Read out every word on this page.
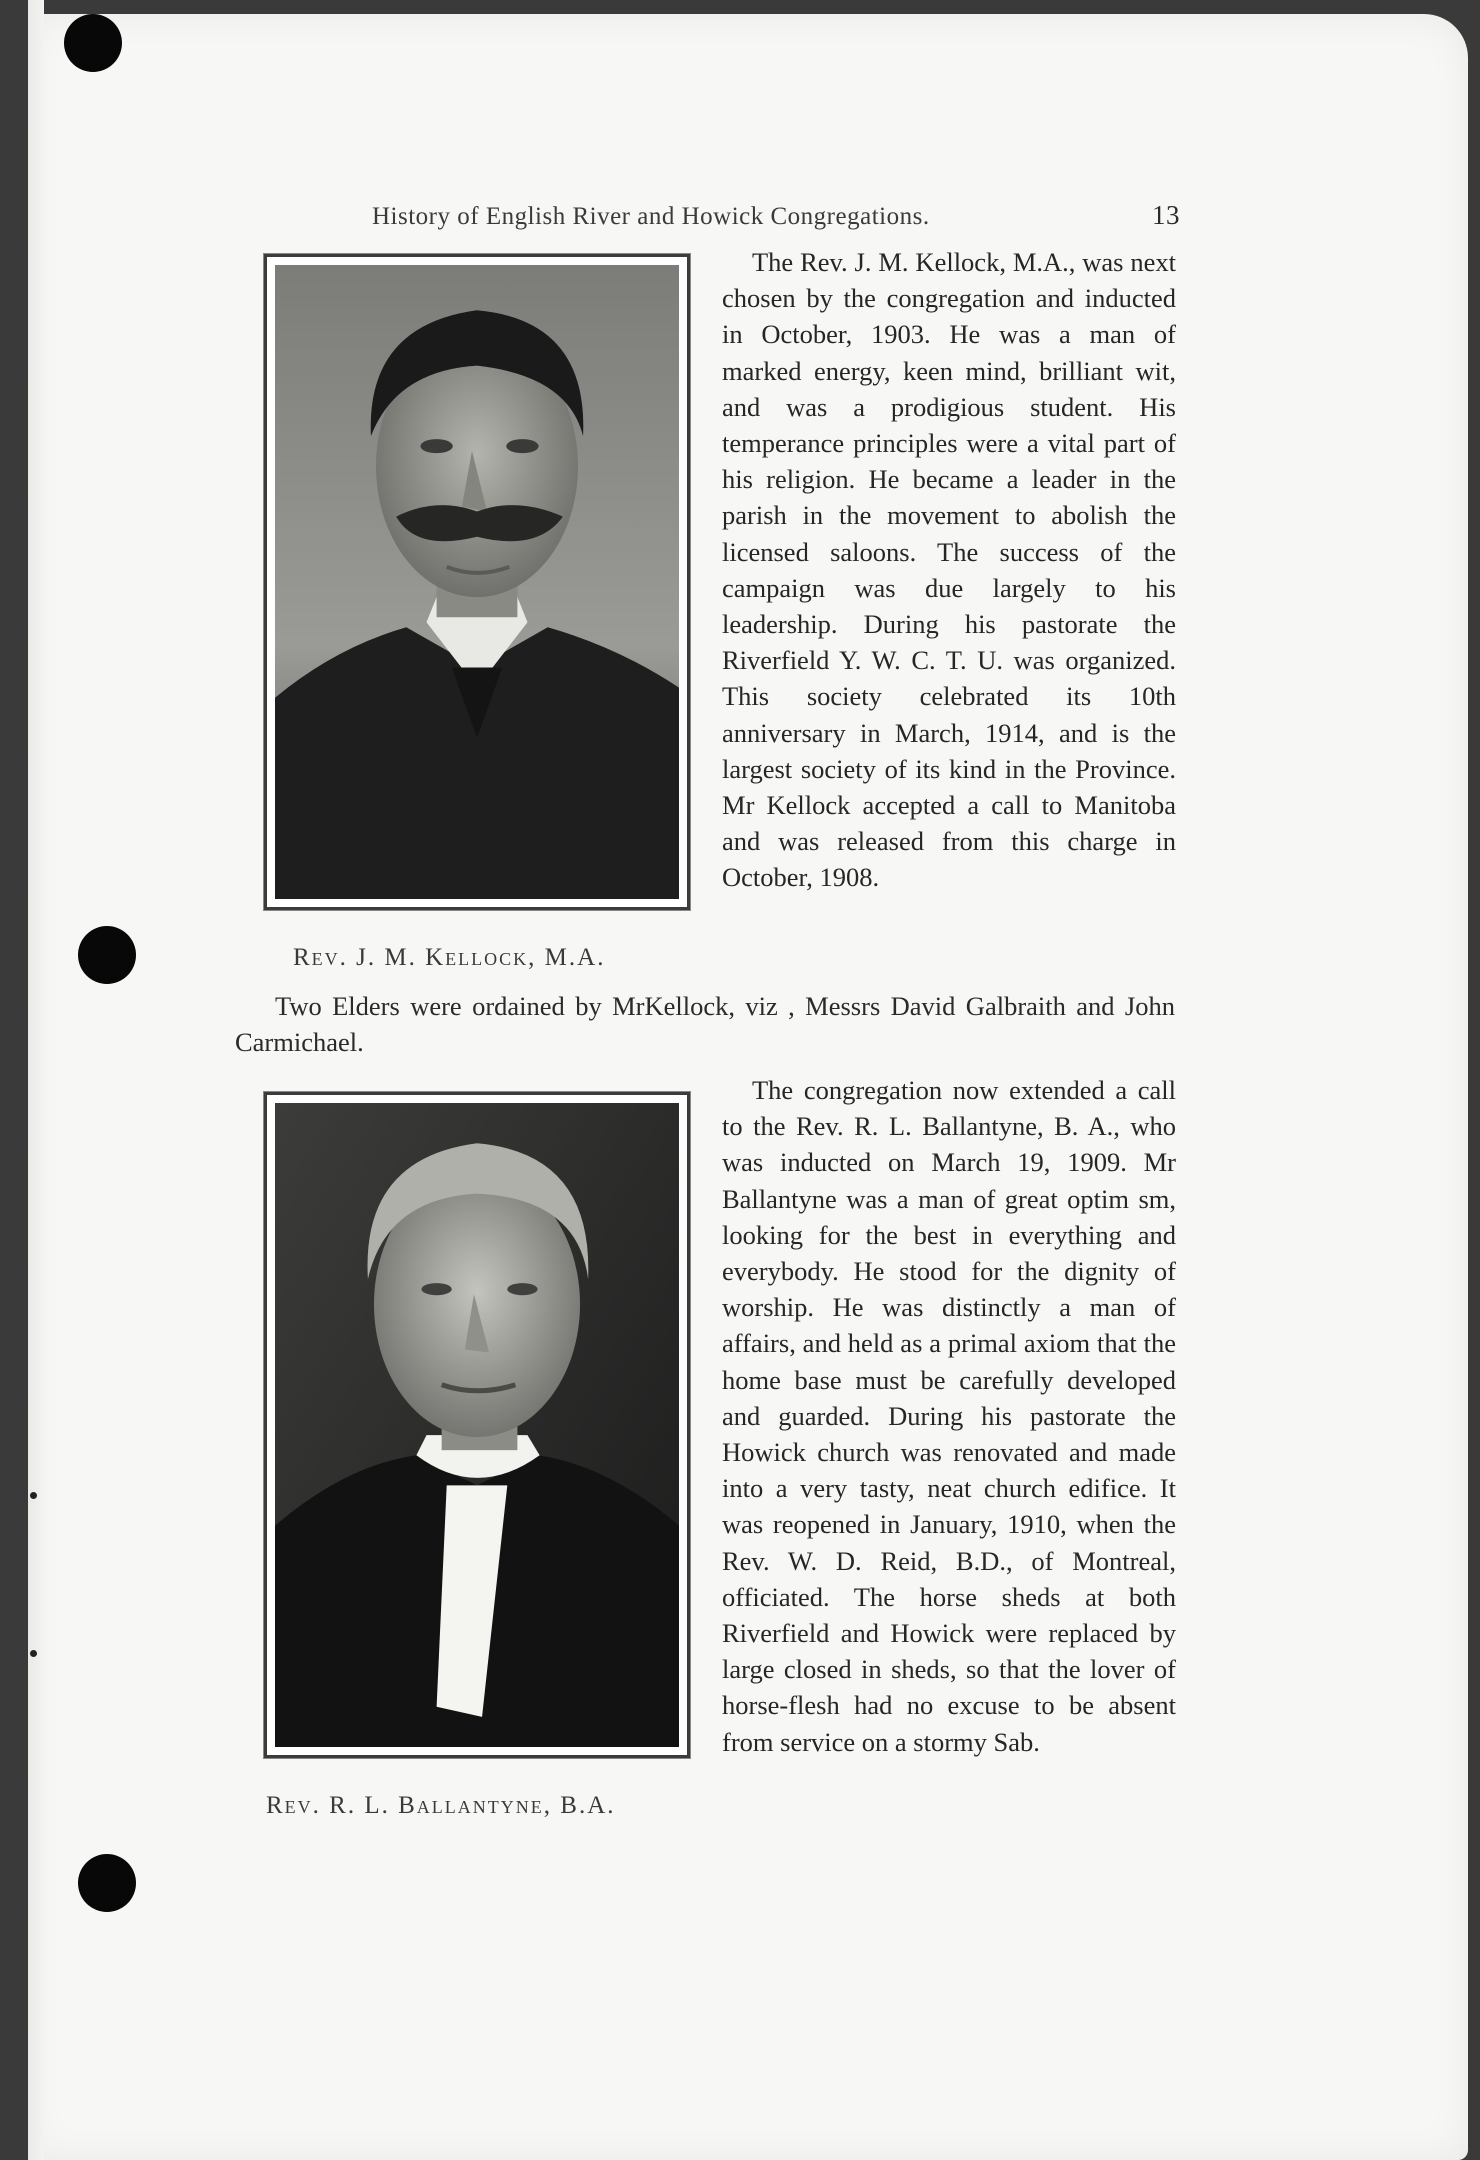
History of English River and Howick Congregations.	13
Rev. J. M. Kellock, M.A.

The Rev. J. M. Kellock, M.A., was next chosen by the congregation and inducted in October, 1903. He was a man of marked energy, keen mind, brilliant wit, and was a prodigious student. His temperance principles were a vital part of his religion. He became a leader in the parish in the movement to abolish the licensed saloons. The success of the campaign was due largely to his leadership. During his pastorate the Riverfield Y. W. C. T. U. was organized. This society celebrated its 10th anniversary in March, 1914, and is the largest society of its kind in the Province. Mr Kellock accepted a call to Manitoba and was released from this charge in October, 1908.

Two Elders were ordained by MrKellock, viz , Messrs David Galbraith and John Carmichael.

Rev. R. L. Ballantyne, B.A.

The congregation now extended a call to the Rev. R. L. Ballantyne, B. A., who was inducted on March 19, 1909. Mr Ballantyne was a man of great optim sm, looking for the best in everything and everybody. He stood for the dignity of worship. He was distinctly a man of affairs, and held as a primal axiom that the home base must be carefully developed and guarded. During his pastorate the Howick church was renovated and made into a very tasty, neat church edifice. It was reopened in January, 1910, when the Rev. W. D. Reid, B.D., of Montreal, officiated. The horse sheds at both Riverfield and Howick were replaced by large closed in sheds, so that the lover of horse-flesh had no excuse to be absent from service on a stormy Sab.
